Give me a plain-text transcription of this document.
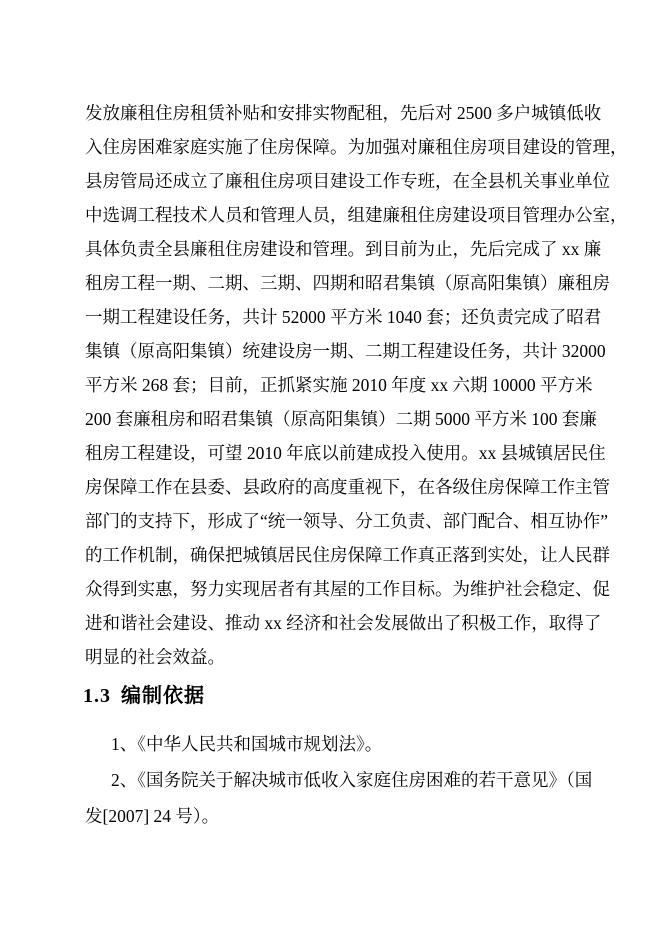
发放廉租住房租赁补贴和安排实物配租，先后对 2500 多户城镇低收
入住房困难家庭实施了住房保障。为加强对廉租住房项目建设的管理，
县房管局还成立了廉租住房项目建设工作专班，在全县机关事业单位
中选调工程技术人员和管理人员，组建廉租住房建设项目管理办公室，
具体负责全县廉租住房建设和管理。到目前为止，先后完成了 xx 廉
租房工程一期、二期、三期、四期和昭君集镇（原高阳集镇）廉租房
一期工程建设任务，共计 52000 平方米 1040 套；还负责完成了昭君
集镇（原高阳集镇）统建设房一期、二期工程建设任务，共计 32000
平方米 268 套；目前，正抓紧实施 2010 年度 xx 六期 10000 平方米
200 套廉租房和昭君集镇（原高阳集镇）二期 5000 平方米 100 套廉
租房工程建设，可望 2010 年底以前建成投入使用。xx 县城镇居民住
房保障工作在县委、县政府的高度重视下，在各级住房保障工作主管
部门的支持下，形成了“统一领导、分工负责、部门配合、相互协作”
的工作机制，确保把城镇居民住房保障工作真正落到实处，让人民群
众得到实惠，努力实现居者有其屋的工作目标。为维护社会稳定、促
进和谐社会建设、推动 xx 经济和社会发展做出了积极工作，取得了
明显的社会效益。
1.3 编制依据
1、《中华人民共和国城市规划法》。
2、《国务院关于解决城市低收入家庭住房困难的若干意见》（国
发[2007] 24 号）。
